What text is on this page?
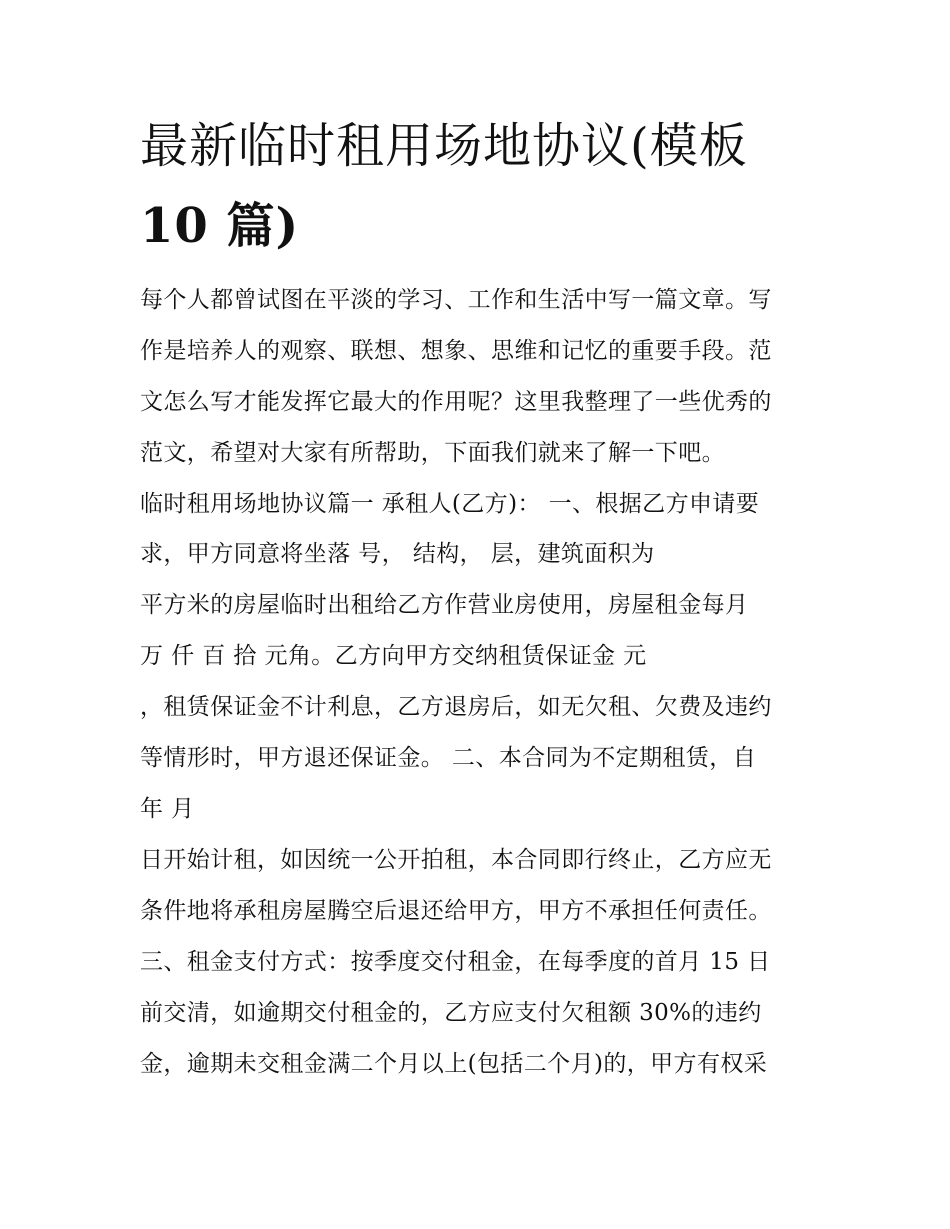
最新临时租用场地协议(模板
10 篇)

每个人都曾试图在平淡的学习、工作和生活中写一篇文章。写

作是培养人的观察、联想、想象、思维和记忆的重要手段。范

文怎么写才能发挥它最大的作用呢？这里我整理了一些优秀的

范文，希望对大家有所帮助，下面我们就来了解一下吧。

临时租用场地协议篇一 承租人(乙方)： 一、根据乙方申请要

求，甲方同意将坐落 号， 结构， 层，建筑面积为

平方米的房屋临时出租给乙方作营业房使用，房屋租金每月

万 仟 百 拾 元角。乙方向甲方交纳租赁保证金 元

，租赁保证金不计利息，乙方退房后，如无欠租、欠费及违约

等情形时，甲方退还保证金。 二、本合同为不定期租赁，自

年 月

日开始计租，如因统一公开拍租，本合同即行终止，乙方应无

条件地将承租房屋腾空后退还给甲方，甲方不承担任何责任。

三、租金支付方式：按季度交付租金，在每季度的首月 15 日

前交清，如逾期交付租金的，乙方应支付欠租额 30%的违约

金，逾期未交租金满二个月以上(包括二个月)的，甲方有权采
